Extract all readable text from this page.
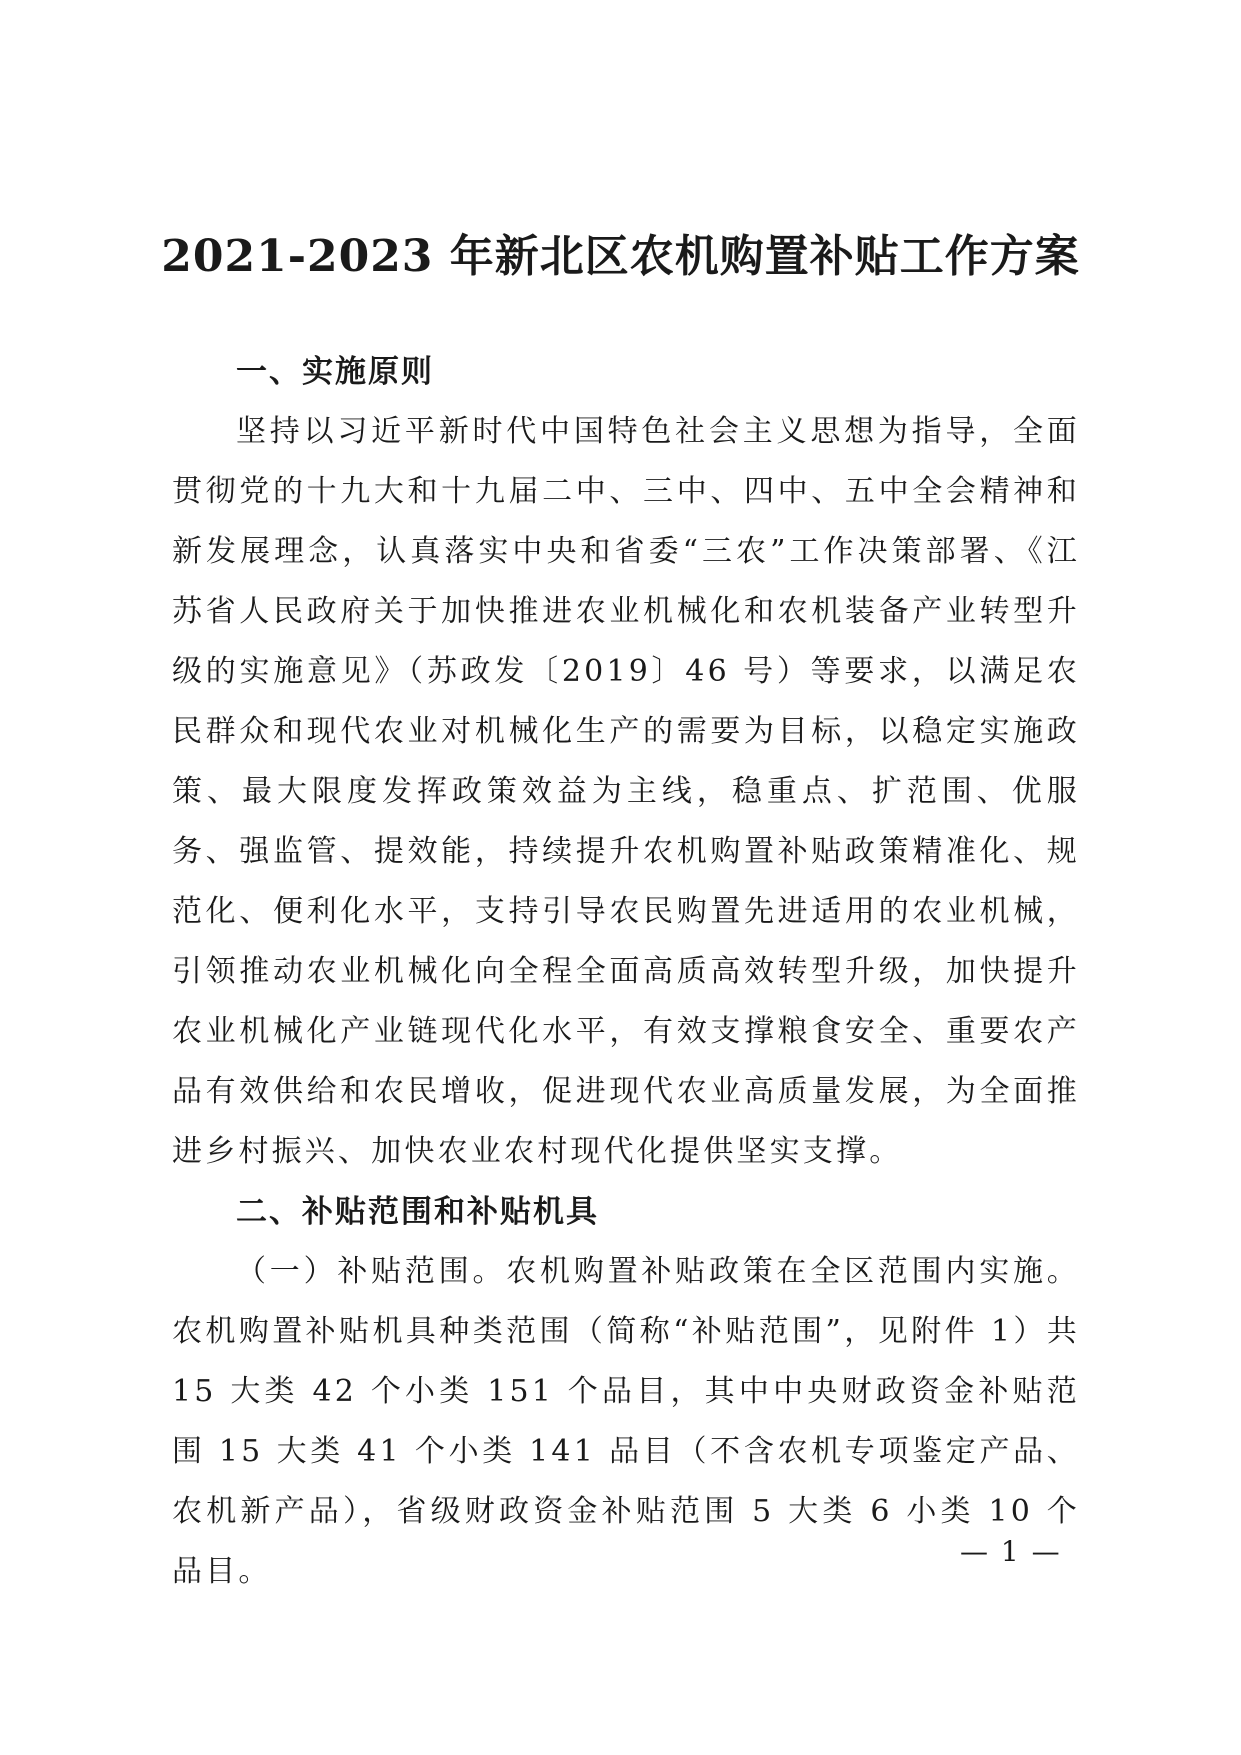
2021-2023 年新北区农机购置补贴工作方案
一、实施原则

坚持以习近平新时代中国特色社会主义思想为指导，全面贯彻党的十九大和十九届二中、三中、四中、五中全会精神和新发展理念，认真落实中央和省委“三农”工作决策部署、《江苏省人民政府关于加快推进农业机械化和农机装备产业转型升级的实施意见》（苏政发〔2019〕46 号）等要求，以满足农民群众和现代农业对机械化生产的需要为目标，以稳定实施政策、最大限度发挥政策效益为主线，稳重点、扩范围、优服务、强监管、提效能，持续提升农机购置补贴政策精准化、规范化、便利化水平，支持引导农民购置先进适用的农业机械，引领推动农业机械化向全程全面高质高效转型升级，加快提升农业机械化产业链现代化水平，有效支撑粮食安全、重要农产品有效供给和农民增收，促进现代农业高质量发展，为全面推进乡村振兴、加快农业农村现代化提供坚实支撑。

二、补贴范围和补贴机具

（一）补贴范围。农机购置补贴政策在全区范围内实施。农机购置补贴机具种类范围（简称“补贴范围”，见附件 1）共 15 大类 42 个小类 151 个品目，其中中央财政资金补贴范围 15 大类 41 个小类 141 品目（不含农机专项鉴定产品、农机新产品），省级财政资金补贴范围 5 大类 6 小类 10 个品目。

— 1 —
